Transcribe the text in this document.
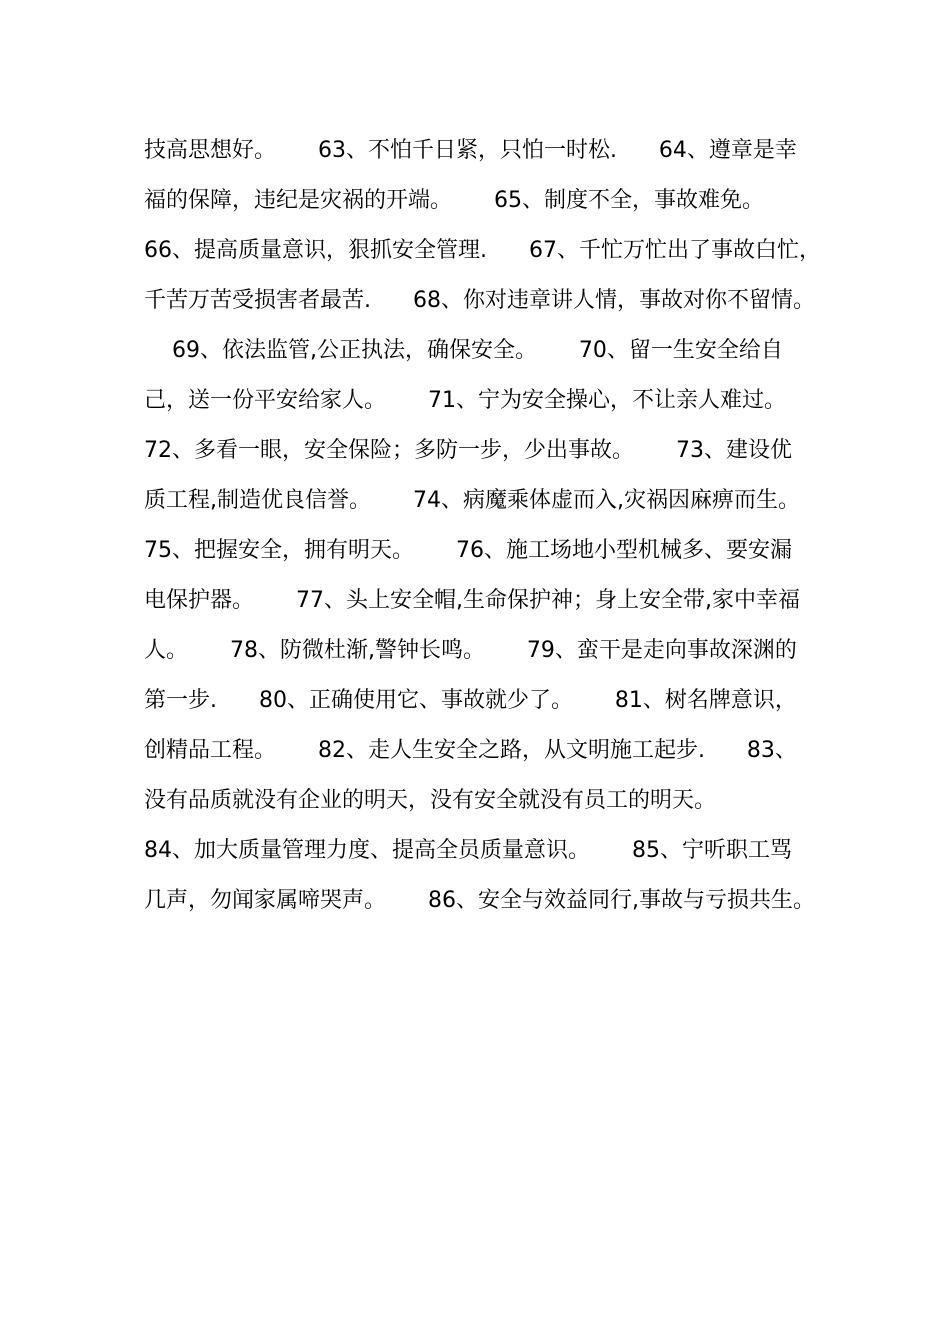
技高思想好。      63、不怕千日紧，只怕一时松.      64、遵章是幸
福的保障，违纪是灾祸的开端。      65、制度不全，事故难免。
66、提高质量意识，狠抓安全管理.      67、千忙万忙出了事故白忙，
千苦万苦受损害者最苦.      68、你对违章讲人情，事故对你不留情。
69、依法监管,公正执法，确保安全。      70、留一生安全给自
己，送一份平安给家人。      71、宁为安全操心，不让亲人难过。
72、多看一眼，安全保险；多防一步，少出事故。      73、建设优
质工程,制造优良信誉。      74、病魔乘体虚而入,灾祸因麻痹而生。
75、把握安全，拥有明天。      76、施工场地小型机械多、要安漏
电保护器。      77、头上安全帽,生命保护神；身上安全带,家中幸福
人。      78、防微杜渐,警钟长鸣。      79、蛮干是走向事故深渊的
第一步.      80、正确使用它、事故就少了。      81、树名牌意识，
创精品工程。      82、走人生安全之路，从文明施工起步.      83、
没有品质就没有企业的明天，没有安全就没有员工的明天。
84、加大质量管理力度、提高全员质量意识。      85、宁听职工骂
几声，勿闻家属啼哭声。      86、安全与效益同行,事故与亏损共生。
